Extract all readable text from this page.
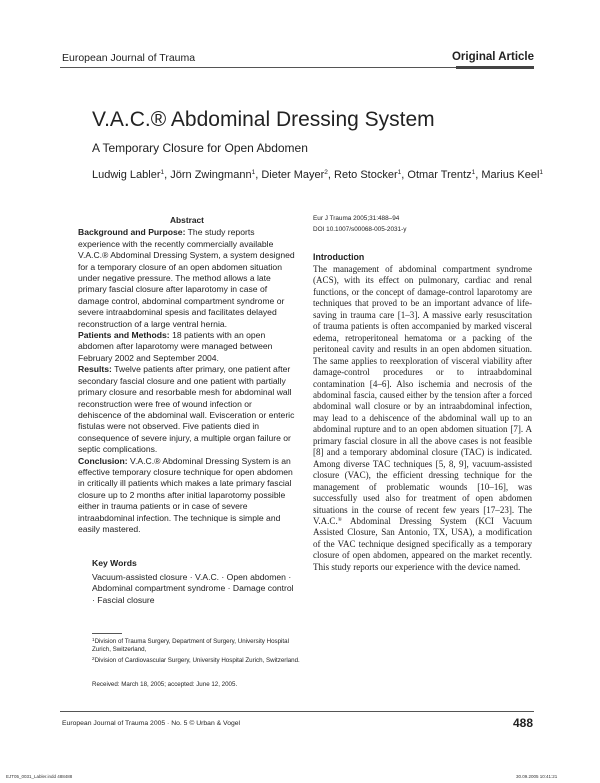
European Journal of Trauma	Original Article
V.A.C.® Abdominal Dressing System
A Temporary Closure for Open Abdomen
Ludwig Labler$^1$, Jörn Zwingmann$^1$, Dieter Mayer$^2$, Reto Stocker$^1$, Otmar Trentz$^1$, Marius Keel$^1$
Abstract

Background and Purpose: The study reports experience with the recently commercially available V.A.C.® Abdominal Dressing System, a system designed for a temporary closure of an open abdomen situation under negative pressure. The method allows a late primary fascial closure after laparotomy in case of damage control, abdominal compartment syndrome or severe intraabdominal spesis and facilitates delayed reconstruction of a large ventral hernia.

Patients and Methods: 18 patients with an open abdomen after laparotomy were managed between February 2002 and September 2004.

Results: Twelve patients after primary, one patient after secondary fascial closure and one patient with partially primary closure and resorbable mesh for abdominal wall reconstruction were free of wound infection or dehiscence of the abdominal wall. Evisceration or enteric fistulas were not observed. Five patients died in consequence of severe injury, a multiple organ failure or septic complications.

Conclusion: V.A.C.® Abdominal Dressing System is an effective temporary closure technique for open abdomen in critically ill patients which makes a late primary fascial closure up to 2 months after initial laparotomy possible either in trauma patients or in case of severe intraabdominal infection. The technique is simple and easily mastered.

Key Words
Vacuum-assisted closure · V.A.C. · Open abdomen · Abdominal compartment syndrome · Damage control · Fascial closure
$^1$Division of Trauma Surgery, Department of Surgery, University Hospital Zurich, Switzerland,
$^2$Division of Cardiovascular Surgery, University Hospital Zurich, Switzerland.
Received: March 18, 2005; accepted: June 12, 2005.
Eur J Trauma 2005;31:488–94
DOI 10.1007/s00068-005-2031-y
Introduction
The management of abdominal compartment syndrome (ACS), with its effect on pulmonary, cardiac and renal functions, or the concept of damage-control laparotomy are techniques that proved to be an important advance of life-saving in trauma care [1–3]. A massive early resuscitation of trauma patients is often accompanied by marked visceral edema, retroperitoneal hematoma or a packing of the peritoneal cavity and results in an open abdomen situation. The same applies to reexploration of visceral viability after damage-control procedures or to intraabdominal contamination [4–6]. Also ischemia and necrosis of the abdominal fascia, caused either by the tension after a forced abdominal wall closure or by an intraabdominal infection, may lead to a dehiscence of the abdominal wall up to an abdominal rupture and to an open abdomen situation [7]. A primary fascial closure in all the above cases is not feasible [8] and a temporary abdominal closure (TAC) is indicated. Among diverse TAC techniques [5, 8, 9], vacuum-assisted closure (VAC), the efficient dressing technique for the management of problematic wounds [10–16], was successfully used also for treatment of open abdomen situations in the course of recent few years [17–23]. The V.A.C.® Abdominal Dressing System (KCI Vacuum Assisted Closure, San Antonio, TX, USA), a modification of the VAC technique designed specifically as a temporary closure of open abdomen, appeared on the market recently. This study reports our experience with the device named.
European Journal of Trauma 2005 · No. 5 © Urban & Vogel	488
EJT05_0031_Labler.indd 488488	30.09.2005 10:41:21
